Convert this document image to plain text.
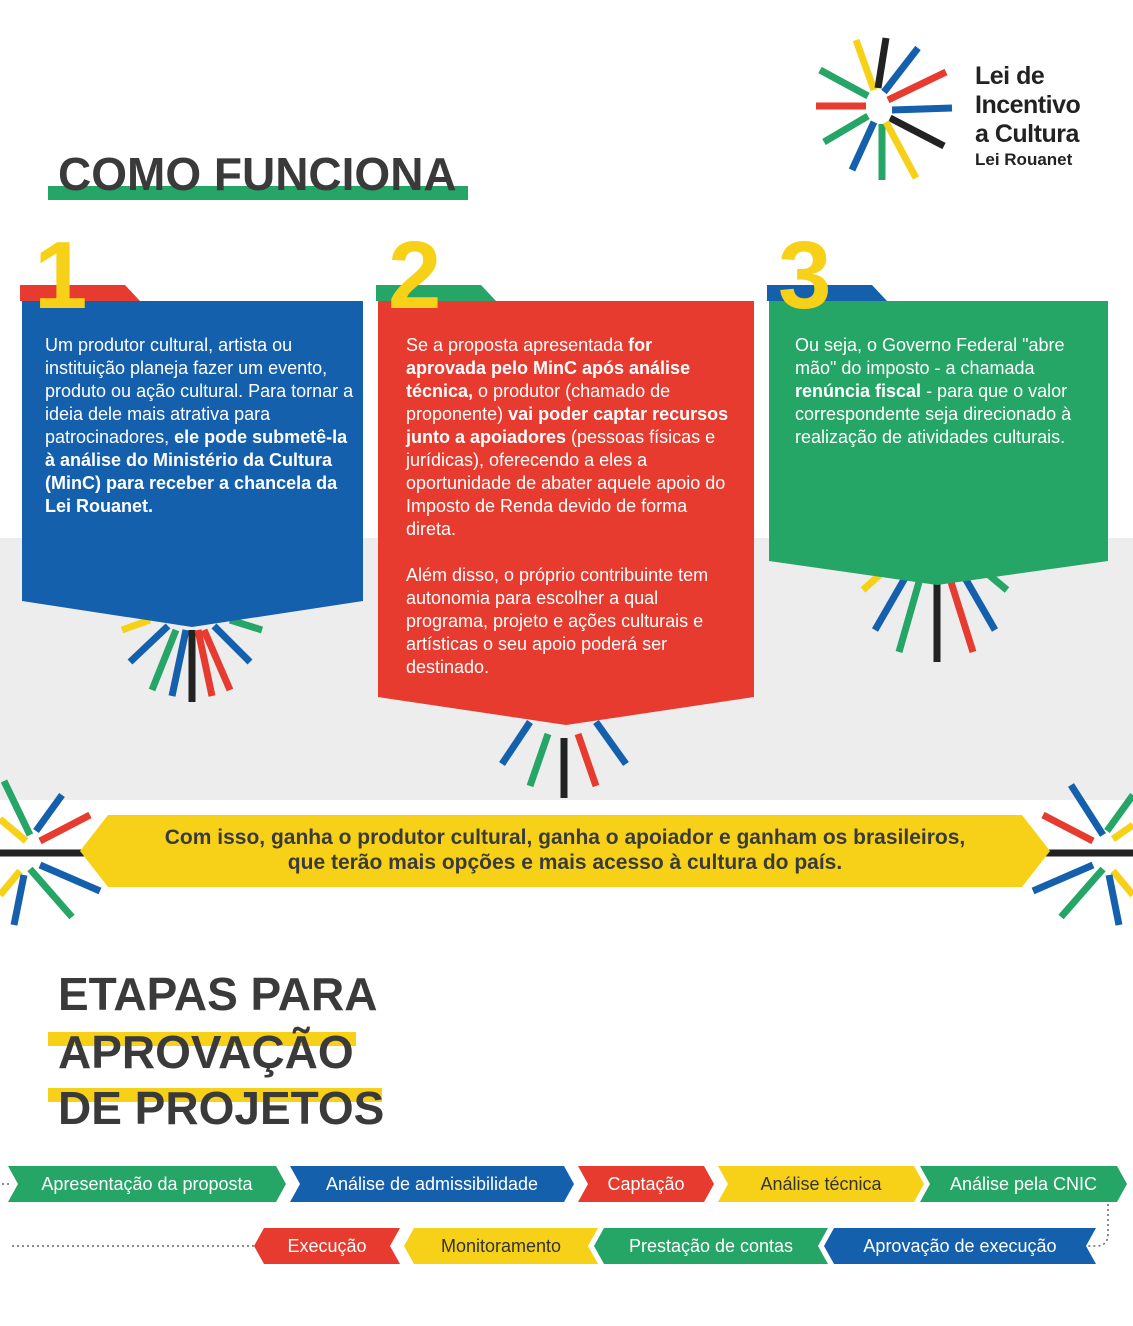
Lei de
Incentivo
a Cultura
Lei Rouanet
COMO FUNCIONA
1

Um produtor cultural, artista ou instituição planeja fazer um evento, produto ou ação cultural. Para tornar a ideia dele mais atrativa para patrocinadores, ele pode submetê-la à análise do Ministério da Cultura (MinC) para receber a chancela da Lei Rouanet.

2

Se a proposta apresentada for aprovada pelo MinC após análise técnica, o produtor (chamado de proponente) vai poder captar recursos junto a apoiadores (pessoas físicas e jurídicas), oferecendo a eles a oportunidade de abater aquele apoio do Imposto de Renda devido de forma direta.

Além disso, o próprio contribuinte tem autonomia para escolher a qual programa, projeto e ações culturais e artísticas o seu apoio poderá ser destinado.

3

Ou seja, o Governo Federal "abre mão" do imposto - a chamada renúncia fiscal - para que o valor correspondente seja direcionado à realização de atividades culturais.

Com isso, ganha o produtor cultural, ganha o apoiador e ganham os brasileiros,
que terão mais opções e mais acesso à cultura do país.
ETAPAS PARA
APROVAÇÃO
DE PROJETOS
Apresentação da proposta	Análise de admissibilidade	Captação	Análise técnica	Análise pela CNIC
Execução	Monitoramento	Prestação de contas	Aprovação de execução
